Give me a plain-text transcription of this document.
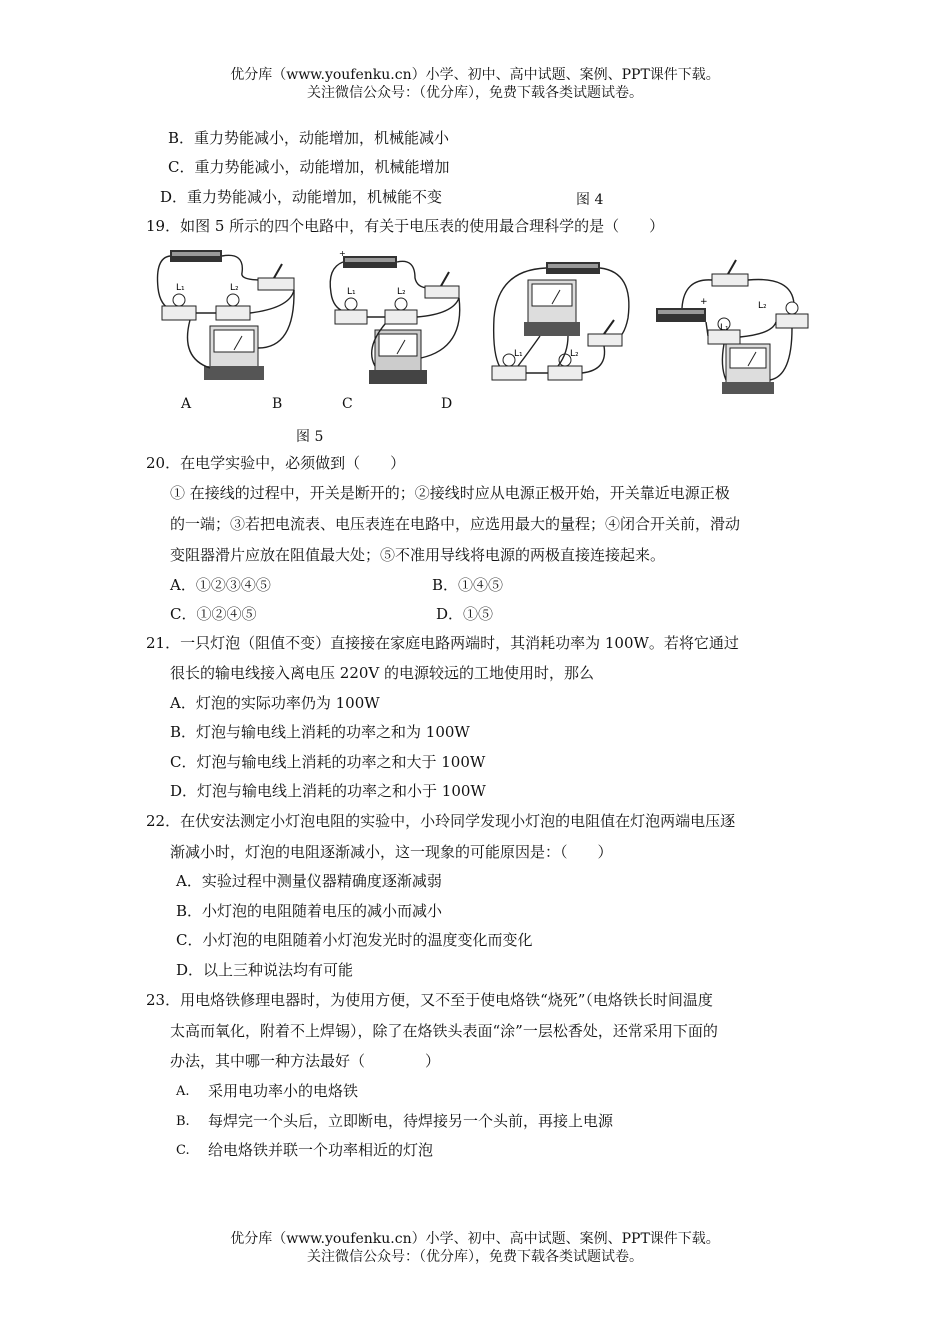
优分库（www.youfenku.cn）小学、初中、高中试题、案例、PPT课件下载。
关注微信公众号：（优分库），免费下载各类试题试卷。
B．重力势能减小，动能增加，机械能减小
C．重力势能减小，动能增加，机械能增加
D．重力势能减小，动能增加，机械能不变	图 4
19．如图 5 所示的四个电路中，有关于电压表的使用最合理科学的是（　　）
L₁	L₂
+
L₁	L₂
L₁	L₂
+	L₂
L₁
A	B	C	D
图 5
20．在电学实验中，必须做到（　　）
① 在接线的过程中，开关是断开的；②接线时应从电源正极开始，开关靠近电源正极
的一端；③若把电流表、电压表连在电路中，应选用最大的量程；④闭合开关前，滑动
变阻器滑片应放在阻值最大处；⑤不准用导线将电源的两极直接连接起来。
A．①②③④⑤	B．①④⑤
C．①②④⑤	D．①⑤
21．一只灯泡（阻值不变）直接接在家庭电路两端时，其消耗功率为 100W。若将它通过
很长的输电线接入离电压 220V 的电源较远的工地使用时，那么
A．灯泡的实际功率仍为 100W
B．灯泡与输电线上消耗的功率之和为 100W
C．灯泡与输电线上消耗的功率之和大于 100W
D．灯泡与输电线上消耗的功率之和小于 100W
22．在伏安法测定小灯泡电阻的实验中，小玲同学发现小灯泡的电阻值在灯泡两端电压逐
渐减小时，灯泡的电阻逐渐减小，这一现象的可能原因是：（　　）
A．实验过程中测量仪器精确度逐渐减弱
B．小灯泡的电阻随着电压的减小而减小
C．小灯泡的电阻随着小灯泡发光时的温度变化而变化
D．以上三种说法均有可能
23．用电烙铁修理电器时，为使用方便，又不至于使电烙铁“烧死”（电烙铁长时间温度
太高而氧化，附着不上焊锡），除了在烙铁头表面“涂”一层松香处，还常采用下面的
办法，其中哪一种方法最好（　　　　）
A. 采用电功率小的电烙铁
B. 每焊完一个头后，立即断电，待焊接另一个头前，再接上电源
C. 给电烙铁并联一个功率相近的灯泡
优分库（www.youfenku.cn）小学、初中、高中试题、案例、PPT课件下载。
关注微信公众号：（优分库），免费下载各类试题试卷。
